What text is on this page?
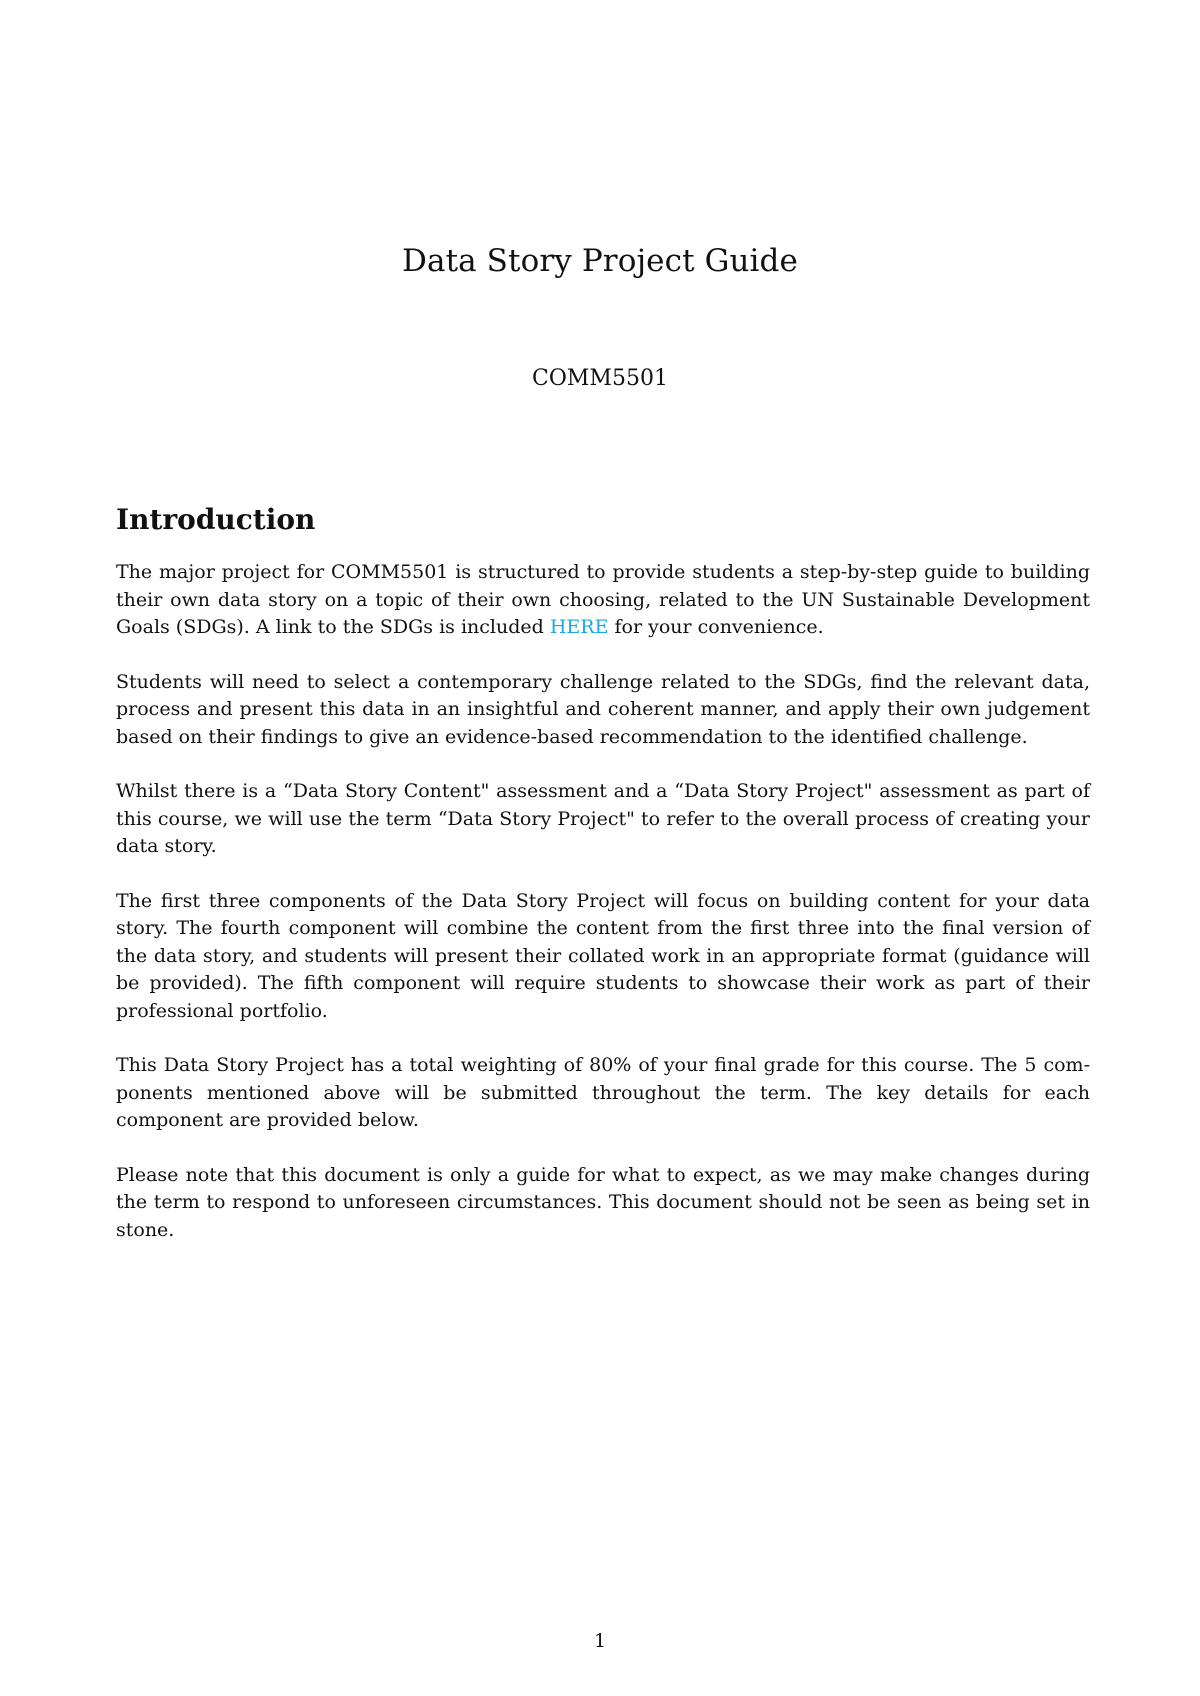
Data Story Project Guide
COMM5501
Introduction

The major project for COMM5501 is structured to provide students a step-by-step guide to building their own data story on a topic of their own choosing, related to the UN Sustainable Development Goals (SDGs). A link to the SDGs is included HERE for your convenience.

Students will need to select a contemporary challenge related to the SDGs, find the relevant data, process and present this data in an insightful and coherent manner, and apply their own judgement based on their findings to give an evidence-based recommendation to the identified challenge.

Whilst there is a “Data Story Content" assessment and a “Data Story Project" assessment as part of this course, we will use the term “Data Story Project" to refer to the overall process of creating your data story.

The first three components of the Data Story Project will focus on building content for your data story. The fourth component will combine the content from the first three into the final version of the data story, and students will present their collated work in an appropriate format (guidance will be provided). The fifth component will require students to showcase their work as part of their professional portfolio.

This Data Story Project has a total weighting of 80% of your final grade for this course. The 5 components mentioned above will be submitted throughout the term. The key details for each component are provided below.

Please note that this document is only a guide for what to expect, as we may make changes during the term to respond to unforeseen circumstances. This document should not be seen as being set in stone.

1
